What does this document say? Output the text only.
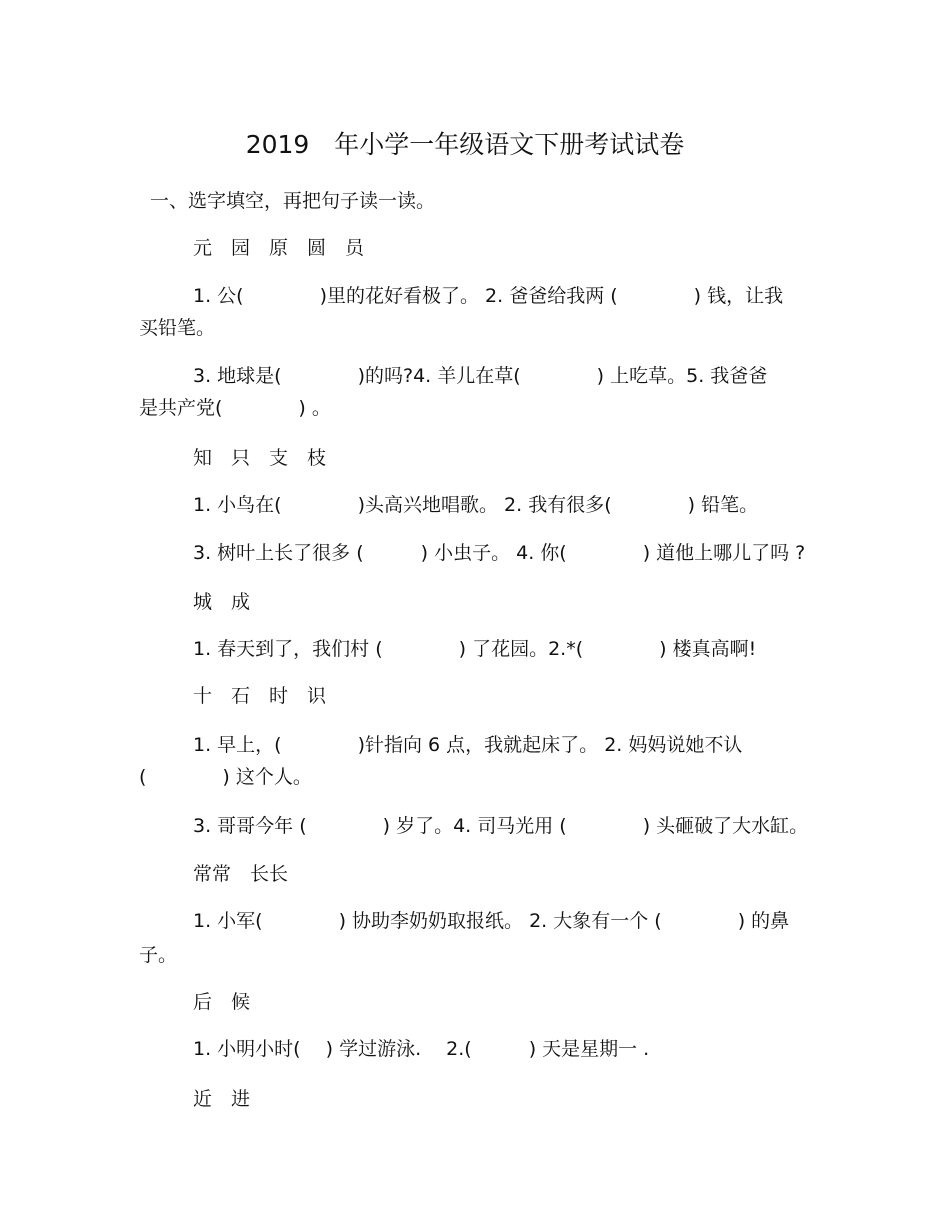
2019　年小学一年级语文下册考试试卷
一、选字填空，再把句子读一读。
元　园　原　圆　员
1. 公(　　　　)里的花好看极了。 2. 爸爸给我两 (　　　　) 钱，让我
买铅笔。
3. 地球是(　　　　)的吗?4. 羊儿在草(　　　　) 上吃草。5. 我爸爸
是共产党(　　　　) 。
知　只　支　枝
1. 小鸟在(　　　　)头高兴地唱歌。 2. 我有很多(　　　　) 铅笔。
3. 树叶上长了很多 (　　　) 小虫子。 4. 你(　　　　) 道他上哪儿了吗 ?
城　成
1. 春天到了，我们村 (　　　　) 了花园。2.*(　　　　) 楼真高啊!
十　石　时　识
1. 早上，(　　　　)针指向 6 点，我就起床了。 2. 妈妈说她不认
(　　　　) 这个人。
3. 哥哥今年 (　　　　) 岁了。4. 司马光用 (　　　　) 头砸破了大水缸。
常常　长长
1. 小军(　　　　) 协助李奶奶取报纸。 2. 大象有一个 (　　　　) 的鼻
子。
后　候
1. 小明小时(　 ) 学过游泳. 　2.(　　　) 天是星期一 .
近　进
